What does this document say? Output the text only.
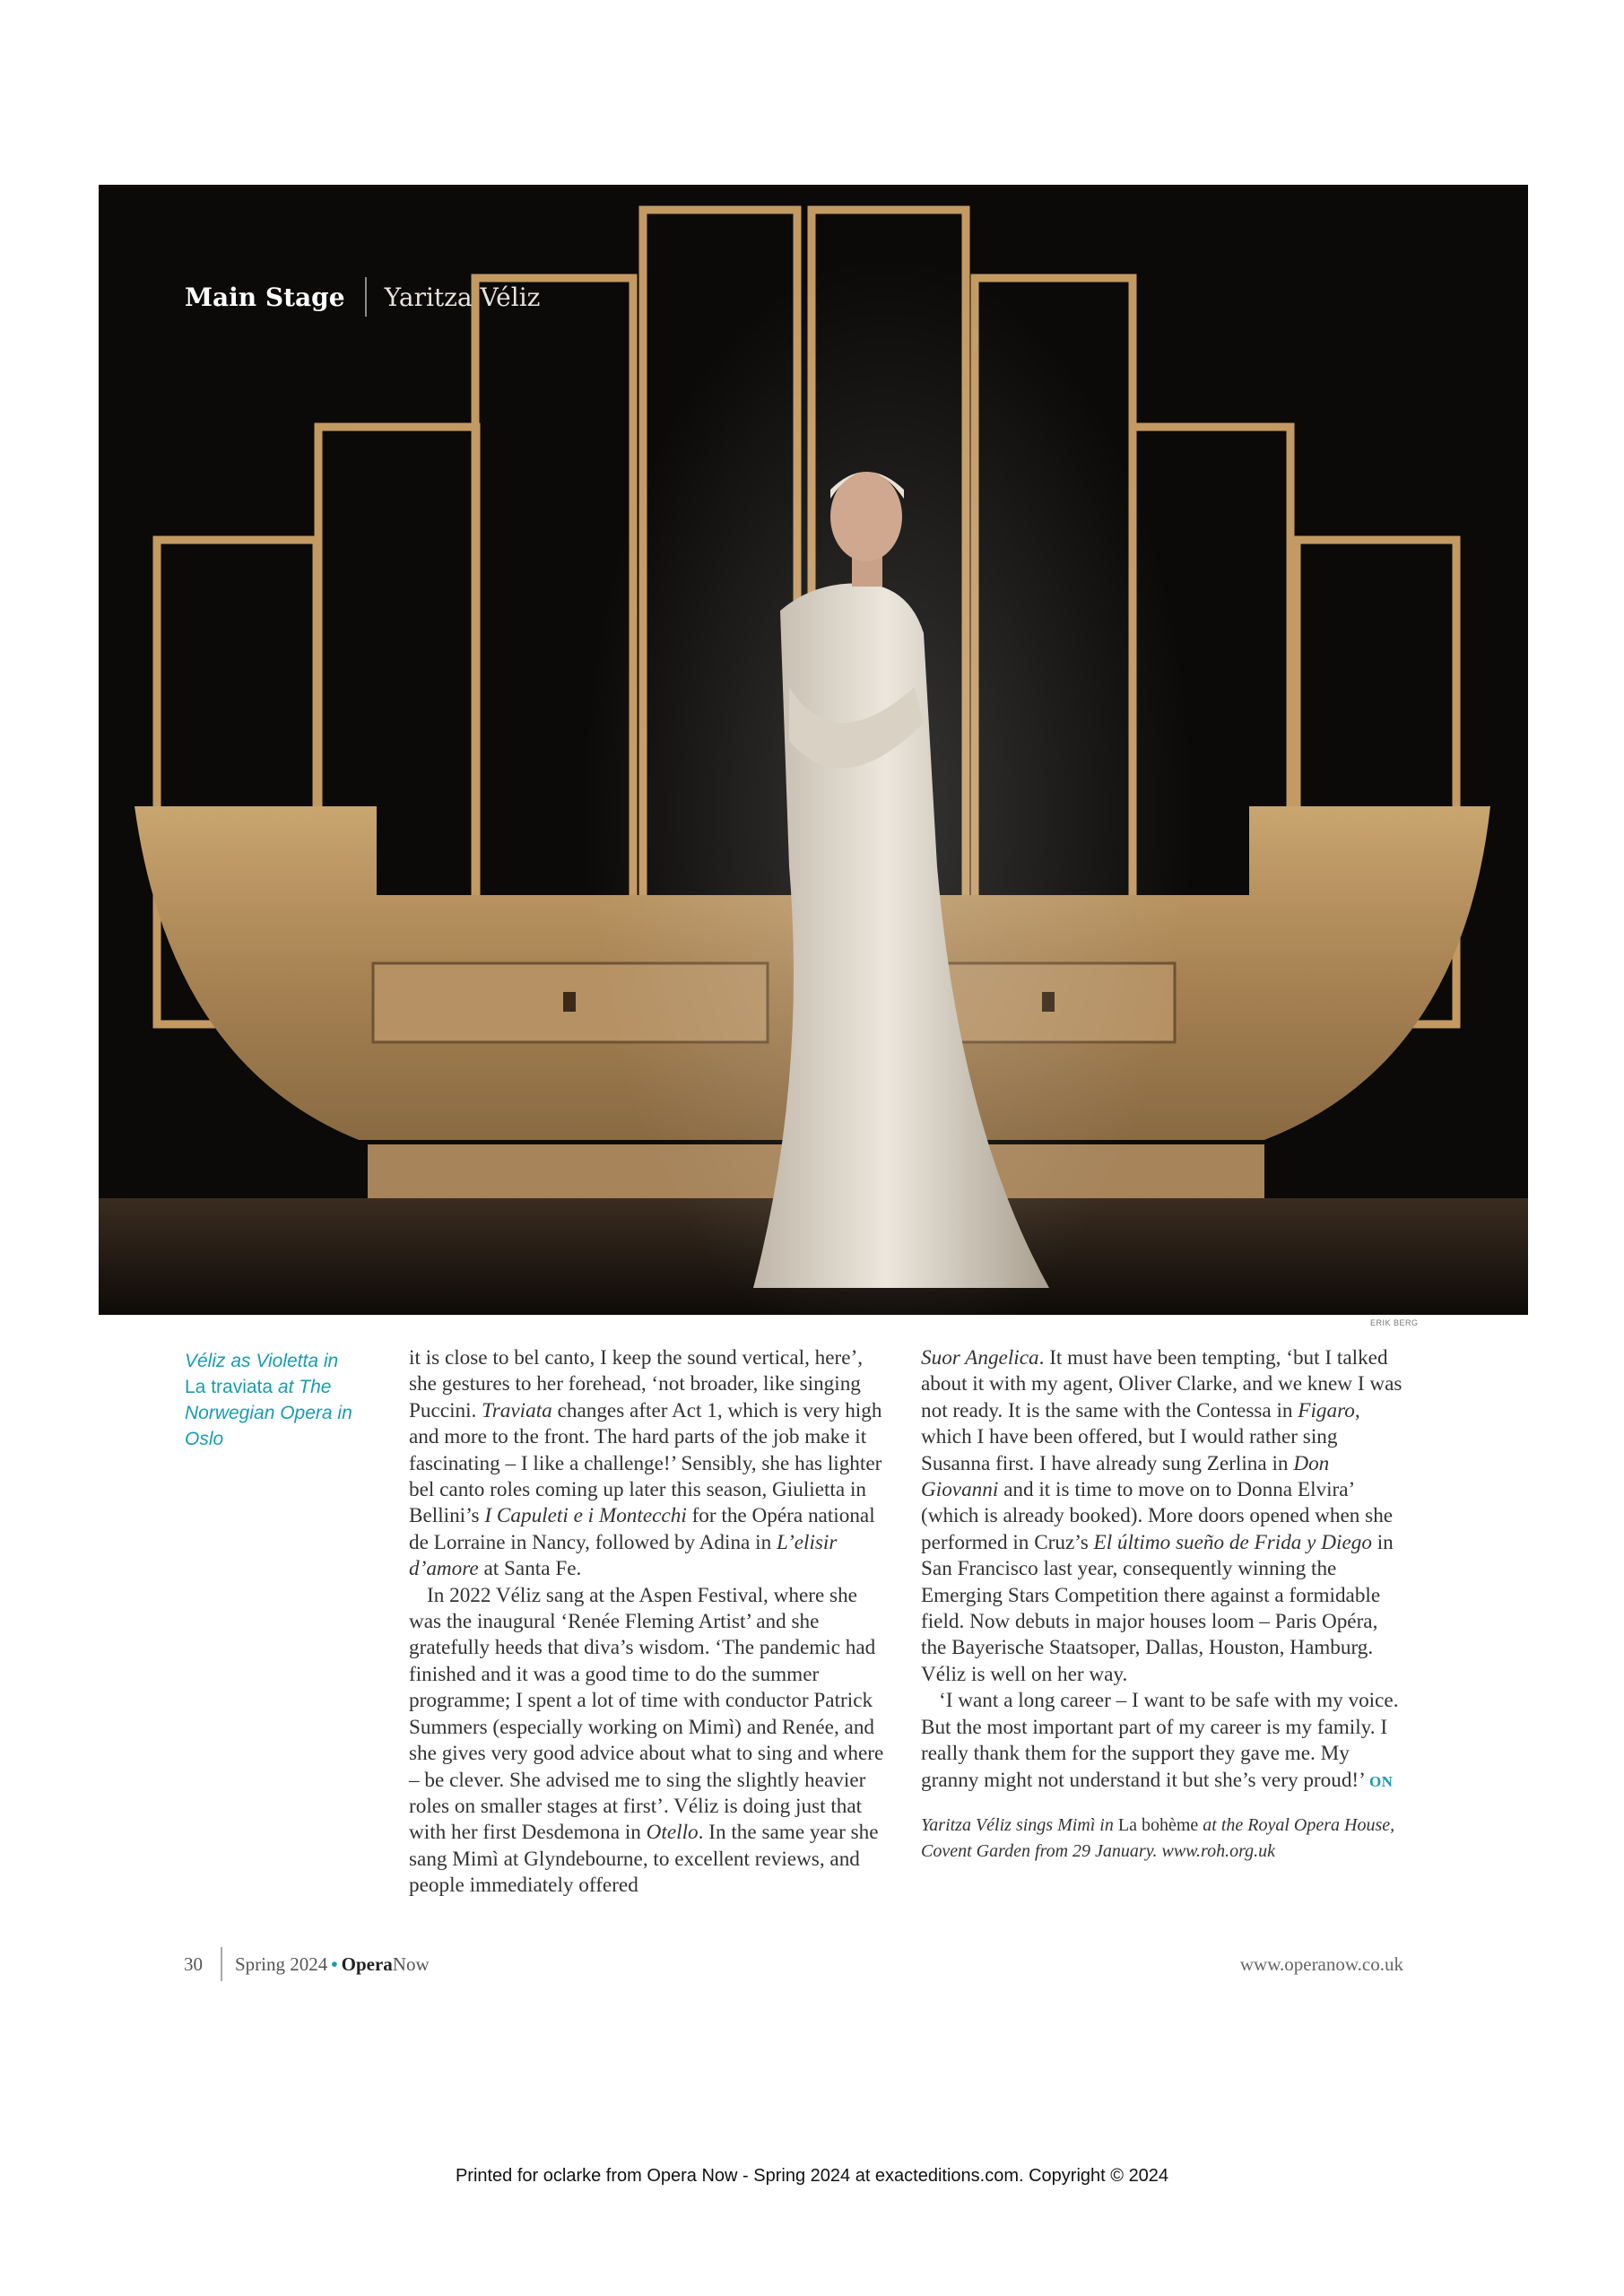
Main Stage Yaritza Véliz
ERIK BERG
Véliz as Violetta in
La traviata at The
Norwegian Opera in Oslo

it is close to bel canto, I keep the sound vertical, here’, she gestures to her forehead, ‘not broader, like singing Puccini. Traviata changes after Act 1, which is very high and more to the front. The hard parts of the job make it fascinating – I like a challenge!’ Sensibly, she has lighter bel canto roles coming up later this season, Giulietta in Bellini’s I Capuleti e i Montecchi for the Opéra national de Lorraine in Nancy, followed by Adina in L’elisir d’amore at Santa Fe.

In 2022 Véliz sang at the Aspen Festival, where she was the inaugural ‘Renée Fleming Artist’ and she gratefully heeds that diva’s wisdom. ‘The pandemic had finished and it was a good time to do the summer programme; I spent a lot of time with conductor Patrick Summers (especially working on Mimì) and Renée, and she gives very good advice about what to sing and where – be clever. She advised me to sing the slightly heavier roles on smaller stages at first’. Véliz is doing just that with her first Desdemona in Otello. In the same year she sang Mimì at Glyndebourne, to excellent reviews, and people immediately offered

Suor Angelica. It must have been tempting, ‘but I talked about it with my agent, Oliver Clarke, and we knew I was not ready. It is the same with the Contessa in Figaro, which I have been offered, but I would rather sing Susanna first. I have already sung Zerlina in Don Giovanni and it is time to move on to Donna Elvira’ (which is already booked). More doors opened when she performed in Cruz’s El último sueño de Frida y Diego in San Francisco last year, consequently winning the Emerging Stars Competition there against a formidable field. Now debuts in major houses loom – Paris Opéra, the Bayerische Staatsoper, Dallas, Houston, Hamburg. Véliz is well on her way.

‘I want a long career – I want to be safe with my voice. But the most important part of my career is my family. I really thank them for the support they gave me. My granny might not understand it but she’s very proud!’ ON

Yaritza Véliz sings Mimì in La bohème at the Royal Opera House, Covent Garden from 29 January. www.roh.org.uk

30 Spring 2024 • Opera Now	www.operanow.co.uk
Printed for oclarke from Opera Now - Spring 2024 at exacteditions.com. Copyright © 2024
